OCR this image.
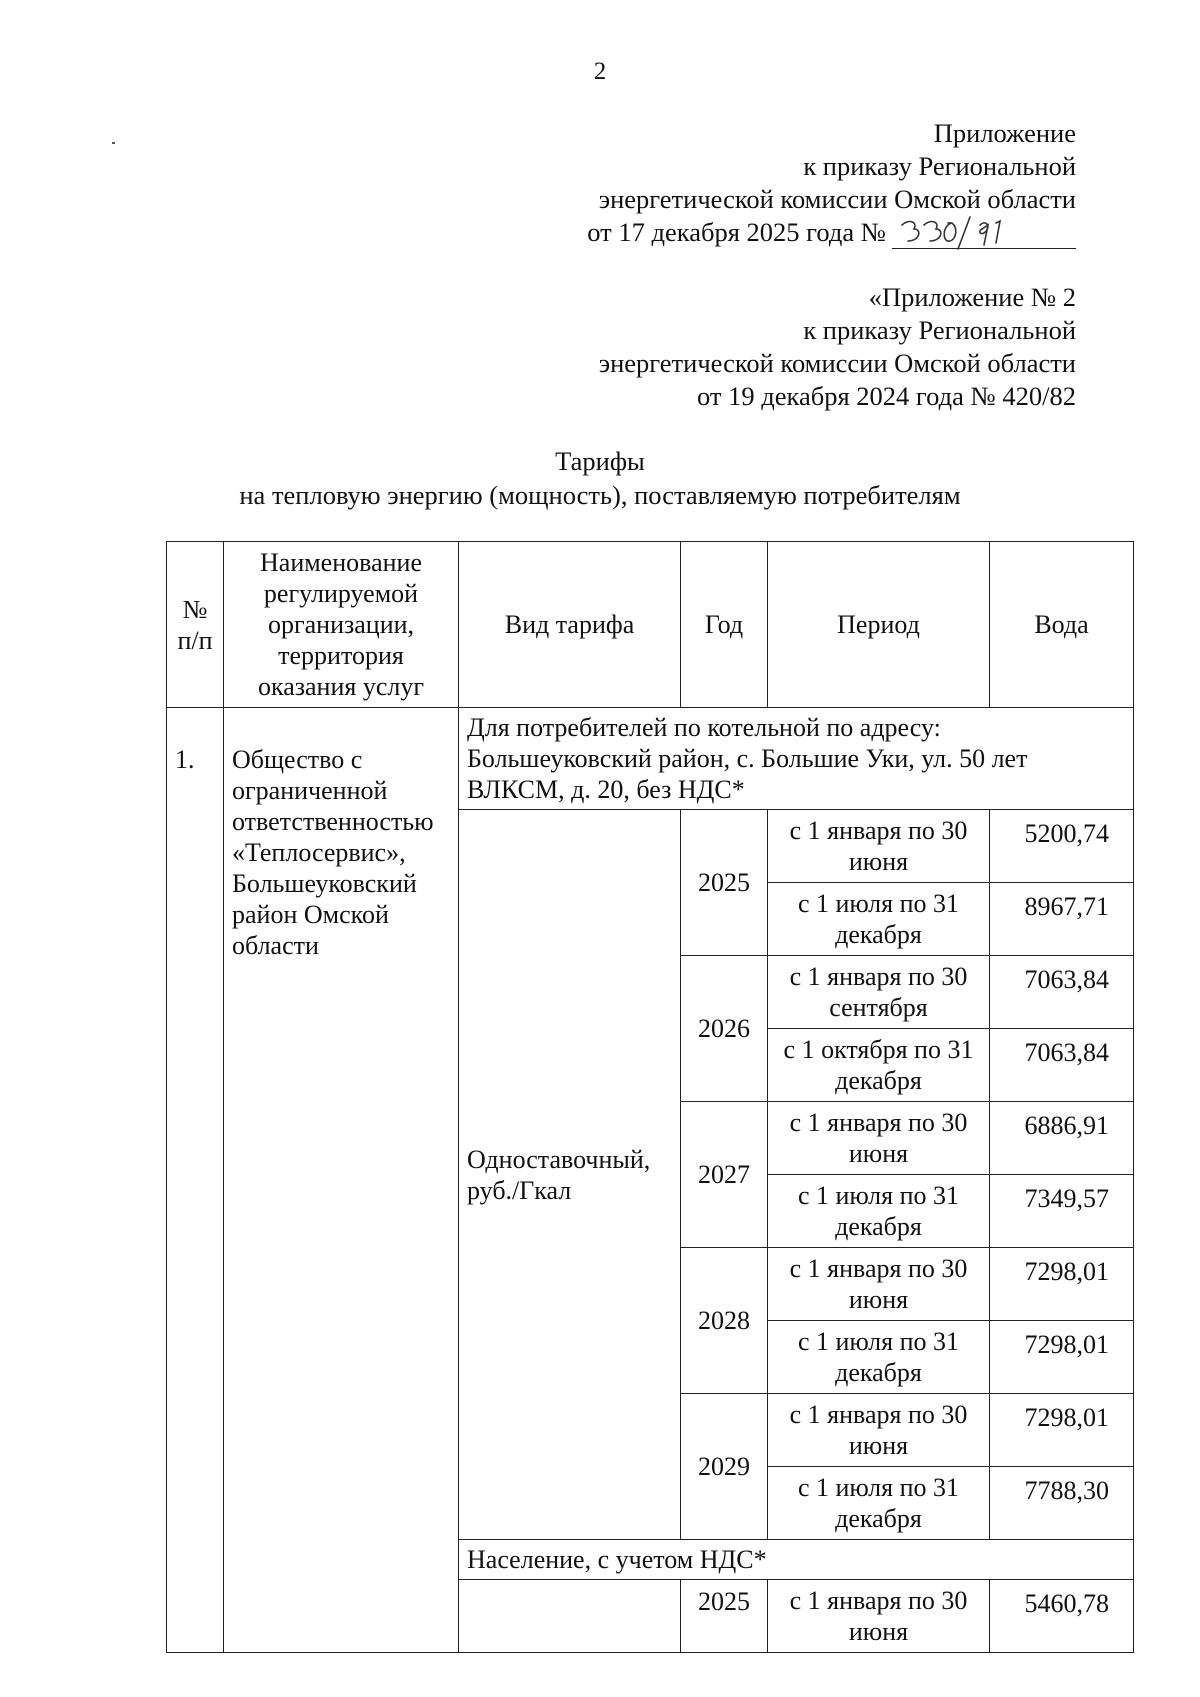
2
Приложение
к приказу Региональной
энергетической комиссии Омской области
от 17 декабря 2025 года №
«Приложение № 2
к приказу Региональной
энергетической комиссии Омской области
от 19 декабря 2024 года № 420/82
Тарифы
на тепловую энергию (мощность), поставляемую потребителям
№ п/п	Наименование регулируемой организации, территория оказания услуг	Вид тарифа	Год	Период	Вода
1.	Общество с ограниченной ответственностью «Теплосервис», Большеуковский район Омской области	Для потребителей по котельной по адресу: Большеуковский район, с. Большие Уки, ул. 50 лет ВЛКСМ, д. 20, без НДС*			
		Одноставочный, руб./Гкал	2025	с 1 января по 30 июня	5200,74
				с 1 июля по 31 декабря	8967,71
			2026	с 1 января по 30 сентября	7063,84
				с 1 октября по 31 декабря	7063,84
			2027	с 1 января по 30 июня	6886,91
				с 1 июля по 31 декабря	7349,57
			2028	с 1 января по 30 июня	7298,01
				с 1 июля по 31 декабря	7298,01
			2029	с 1 января по 30 июня	7298,01
				с 1 июля по 31 декабря	7788,30
		Население, с учетом НДС*			
			2025	с 1 января по 30 июня	5460,78
